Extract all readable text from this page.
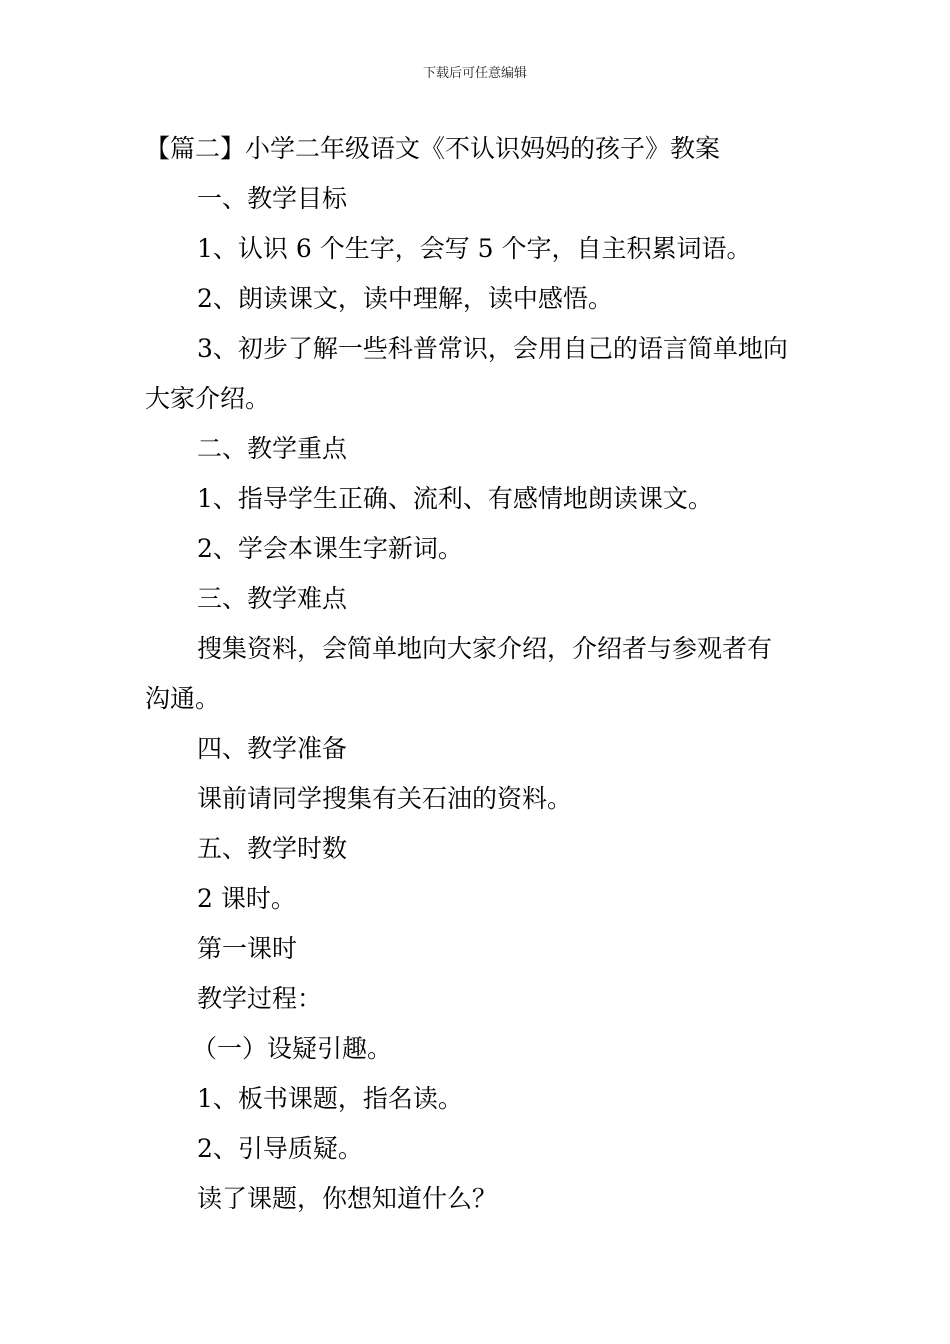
下载后可任意编辑
【篇二】小学二年级语文《不认识妈妈的孩子》教案
一、教学目标
1、认识 6 个生字，会写 5 个字，自主积累词语。
2、朗读课文，读中理解，读中感悟。
3、初步了解一些科普常识，会用自己的语言简单地向
大家介绍。
二、教学重点
1、指导学生正确、流利、有感情地朗读课文。
2、学会本课生字新词。
三、教学难点
搜集资料，会简单地向大家介绍，介绍者与参观者有
沟通。
四、教学准备
课前请同学搜集有关石油的资料。
五、教学时数
2 课时。
第一课时
教学过程：
（一）设疑引趣。
1、板书课题，指名读。
2、引导质疑。
读了课题，你想知道什么？
